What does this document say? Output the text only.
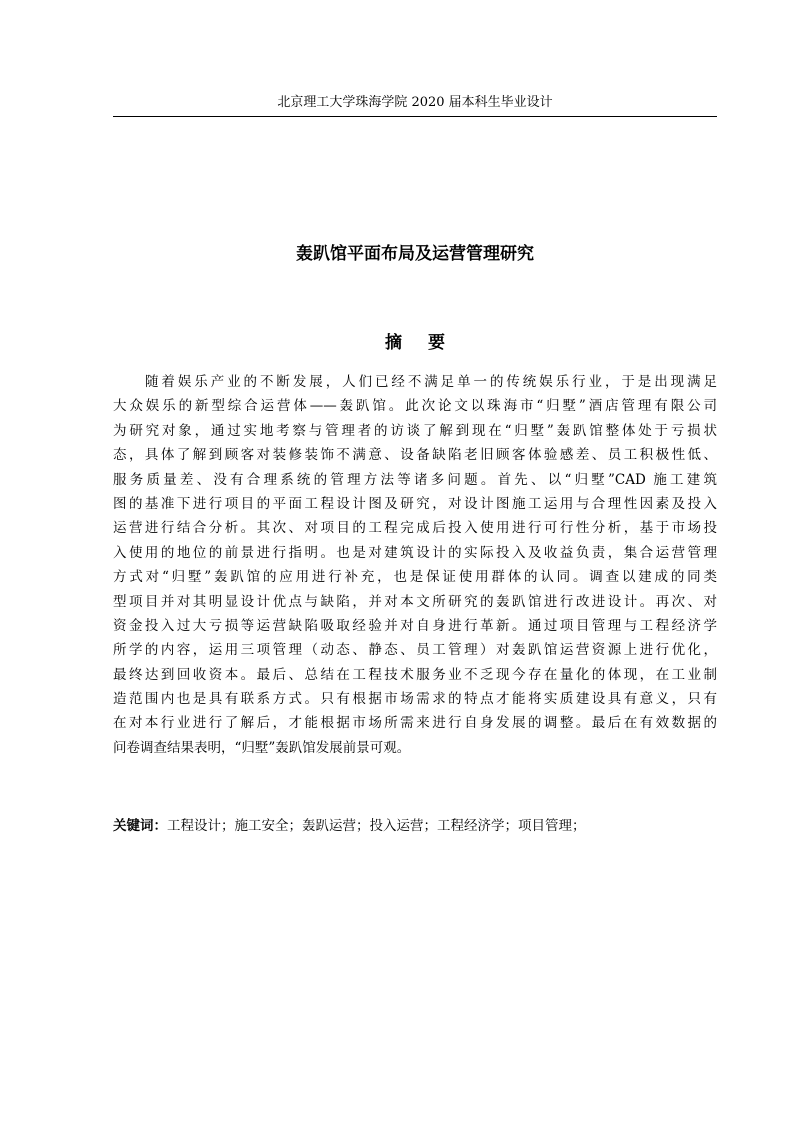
北京理工大学珠海学院 2020 届本科生毕业设计
轰趴馆平面布局及运营管理研究
摘要
随着娱乐产业的不断发展，人们已经不满足单一的传统娱乐行业，于是出现满足
大众娱乐的新型综合运营体——轰趴馆。此次论文以珠海市“归墅”酒店管理有限公司
为研究对象，通过实地考察与管理者的访谈了解到现在“归墅”轰趴馆整体处于亏损状
态，具体了解到顾客对装修装饰不满意、设备缺陷老旧顾客体验感差、员工积极性低、
服务质量差、没有合理系统的管理方法等诸多问题。首先、以“归墅”CAD 施工建筑
图的基准下进行项目的平面工程设计图及研究，对设计图施工运用与合理性因素及投入
运营进行结合分析。其次、对项目的工程完成后投入使用进行可行性分析，基于市场投
入使用的地位的前景进行指明。也是对建筑设计的实际投入及收益负责，集合运营管理
方式对“归墅”轰趴馆的应用进行补充，也是保证使用群体的认同。调查以建成的同类
型项目并对其明显设计优点与缺陷，并对本文所研究的轰趴馆进行改进设计。再次、对
资金投入过大亏损等运营缺陷吸取经验并对自身进行革新。通过项目管理与工程经济学
所学的内容，运用三项管理（动态、静态、员工管理）对轰趴馆运营资源上进行优化，
最终达到回收资本。最后、总结在工程技术服务业不乏现今存在量化的体现，在工业制
造范围内也是具有联系方式。只有根据市场需求的特点才能将实质建设具有意义，只有
在对本行业进行了解后，才能根据市场所需来进行自身发展的调整。最后在有效数据的
问卷调查结果表明，“归墅”轰趴馆发展前景可观。
关键词：工程设计；施工安全；轰趴运营；投入运营；工程经济学；项目管理；
